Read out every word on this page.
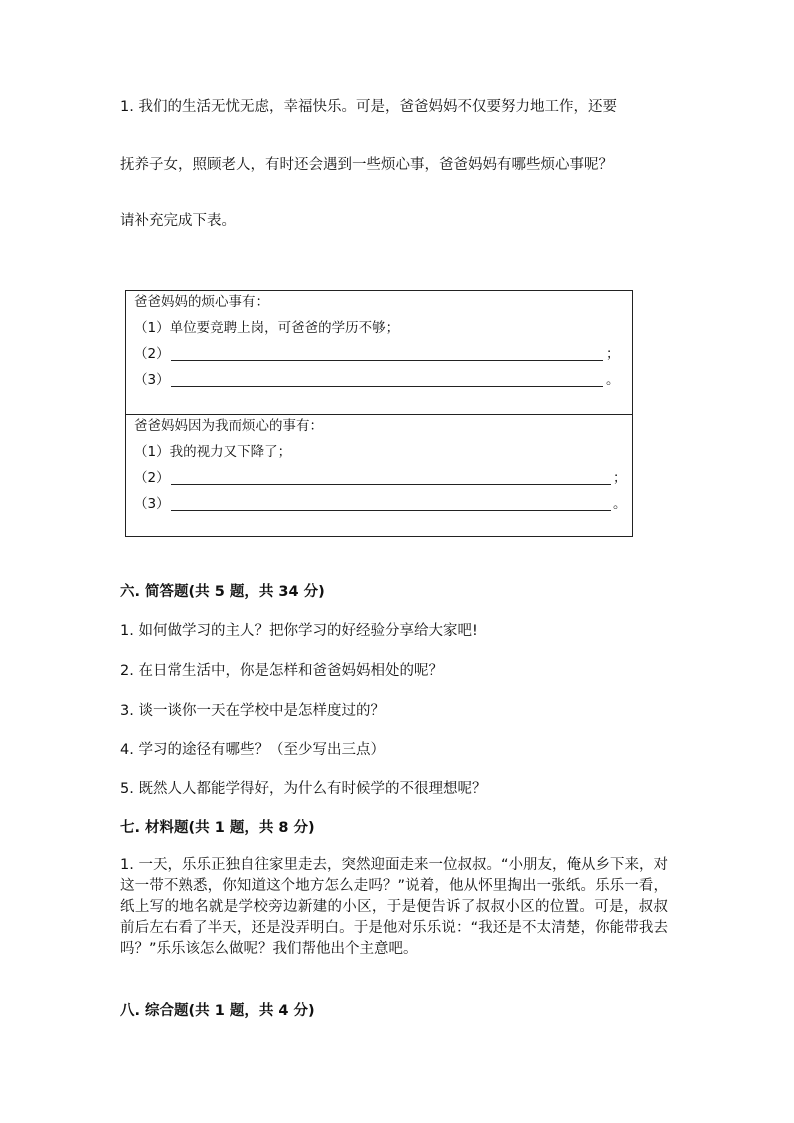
1. 我们的生活无忧无虑，幸福快乐。可是，爸爸妈妈不仅要努力地工作，还要

抚养子女，照顾老人，有时还会遇到一些烦心事，爸爸妈妈有哪些烦心事呢？

请补充完成下表。

爸爸妈妈的烦心事有：
（1）单位要竞聘上岗，可爸爸的学历不够；
（2）	；
（3）	。
爸爸妈妈因为我而烦心的事有：
（1）我的视力又下降了；
（2）	；
（3）	。

六. 简答题(共 5 题，共 34 分)

1. 如何做学习的主人？把你学习的好经验分享给大家吧!

2. 在日常生活中，你是怎样和爸爸妈妈相处的呢？

3. 谈一谈你一天在学校中是怎样度过的？

4. 学习的途径有哪些？（至少写出三点）

5. 既然人人都能学得好，为什么有时候学的不很理想呢？

七. 材料题(共 1 题，共 8 分)

1. 一天，乐乐正独自往家里走去，突然迎面走来一位叔叔。“小朋友，俺从乡下来，对这一带不熟悉，你知道这个地方怎么走吗？”说着，他从怀里掏出一张纸。乐乐一看，纸上写的地名就是学校旁边新建的小区，于是便告诉了叔叔小区的位置。可是，叔叔前后左右看了半天，还是没弄明白。于是他对乐乐说：“我还是不太清楚，你能带我去吗？”乐乐该怎么做呢？我们帮他出个主意吧。

八. 综合题(共 1 题，共 4 分)
